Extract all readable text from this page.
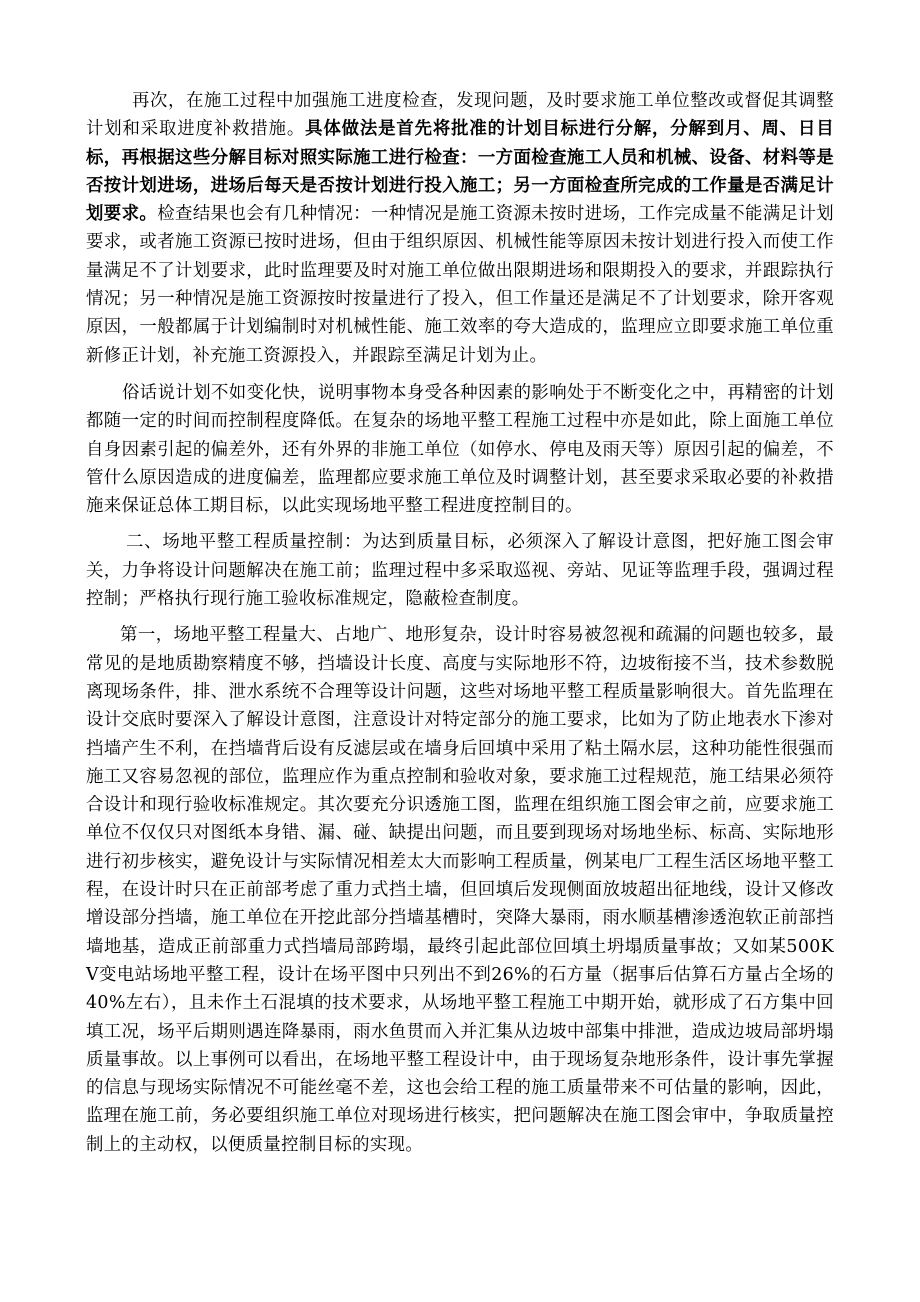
再次，在施工过程中加强施工进度检查，发现问题，及时要求施工单位整改或督促其调整计划和采取进度补救措施。具体做法是首先将批准的计划目标进行分解，分解到月、周、日目标，再根据这些分解目标对照实际施工进行检查：一方面检查施工人员和机械、设备、材料等是否按计划进场，进场后每天是否按计划进行投入施工；另一方面检查所完成的工作量是否满足计划要求。检查结果也会有几种情况：一种情况是施工资源未按时进场，工作完成量不能满足计划要求，或者施工资源已按时进场，但由于组织原因、机械性能等原因未按计划进行投入而使工作量满足不了计划要求，此时监理要及时对施工单位做出限期进场和限期投入的要求，并跟踪执行情况；另一种情况是施工资源按时按量进行了投入，但工作量还是满足不了计划要求，除开客观原因，一般都属于计划编制时对机械性能、施工效率的夸大造成的，监理应立即要求施工单位重新修正计划，补充施工资源投入，并跟踪至满足计划为止。

俗话说计划不如变化快，说明事物本身受各种因素的影响处于不断变化之中，再精密的计划都随一定的时间而控制程度降低。在复杂的场地平整工程施工过程中亦是如此，除上面施工单位自身因素引起的偏差外，还有外界的非施工单位（如停水、停电及雨天等）原因引起的偏差，不管什么原因造成的进度偏差，监理都应要求施工单位及时调整计划，甚至要求采取必要的补救措施来保证总体工期目标，以此实现场地平整工程进度控制目的。

二、场地平整工程质量控制：为达到质量目标，必须深入了解设计意图，把好施工图会审关，力争将设计问题解决在施工前；监理过程中多采取巡视、旁站、见证等监理手段，强调过程控制；严格执行现行施工验收标准规定，隐蔽检查制度。

第一，场地平整工程量大、占地广、地形复杂，设计时容易被忽视和疏漏的问题也较多，最常见的是地质勘察精度不够，挡墙设计长度、高度与实际地形不符，边坡衔接不当，技术参数脱离现场条件，排、泄水系统不合理等设计问题，这些对场地平整工程质量影响很大。首先监理在设计交底时要深入了解设计意图，注意设计对特定部分的施工要求，比如为了防止地表水下渗对挡墙产生不利，在挡墙背后设有反滤层或在墙身后回填中采用了粘土隔水层，这种功能性很强而施工又容易忽视的部位，监理应作为重点控制和验收对象，要求施工过程规范，施工结果必须符合设计和现行验收标准规定。其次要充分识透施工图，监理在组织施工图会审之前，应要求施工单位不仅仅只对图纸本身错、漏、碰、缺提出问题，而且要到现场对场地坐标、标高、实际地形进行初步核实，避免设计与实际情况相差太大而影响工程质量，例某电厂工程生活区场地平整工程，在设计时只在正前部考虑了重力式挡土墙，但回填后发现侧面放坡超出征地线，设计又修改增设部分挡墙，施工单位在开挖此部分挡墙基槽时，突降大暴雨，雨水顺基槽渗透泡软正前部挡墙地基，造成正前部重力式挡墙局部跨塌，最终引起此部位回填土坍塌质量事故；又如某500KV变电站场地平整工程，设计在场平图中只列出不到26%的石方量（据事后估算石方量占全场的40%左右），且未作土石混填的技术要求，从场地平整工程施工中期开始，就形成了石方集中回填工况，场平后期则遇连降暴雨，雨水鱼贯而入并汇集从边坡中部集中排泄，造成边坡局部坍塌质量事故。以上事例可以看出，在场地平整工程设计中，由于现场复杂地形条件，设计事先掌握的信息与现场实际情况不可能丝毫不差，这也会给工程的施工质量带来不可估量的影响，因此，监理在施工前，务必要组织施工单位对现场进行核实，把问题解决在施工图会审中，争取质量控制上的主动权，以便质量控制目标的实现。
